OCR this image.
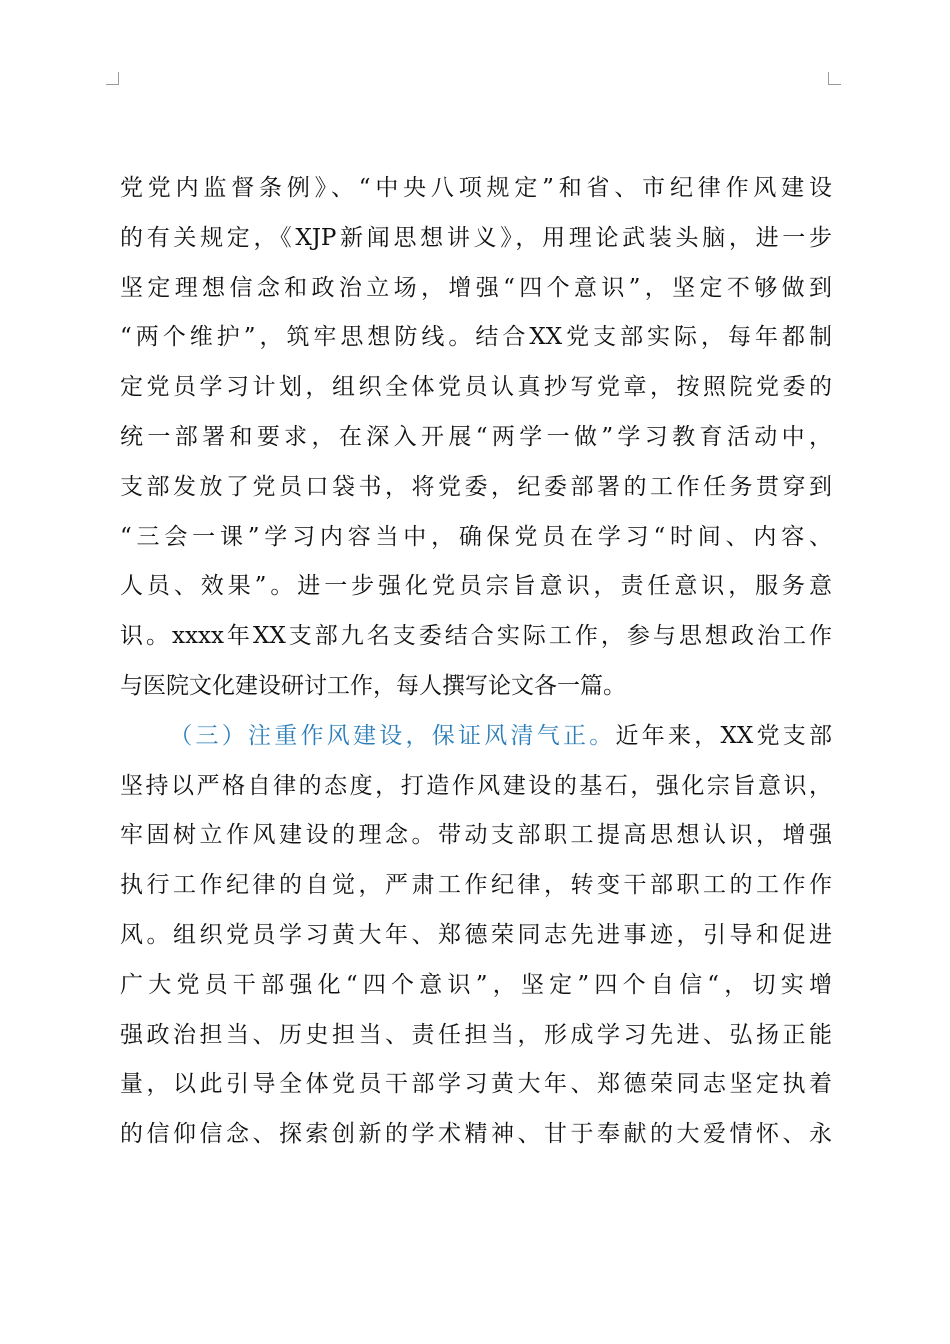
党党内监督条例》、“中央八项规定”和省、市纪律作风建设
的有关规定，《XJP新闻思想讲义》，用理论武装头脑，进一步
坚定理想信念和政治立场，增强“四个意识”，坚定不够做到
“两个维护”，筑牢思想防线。结合XX党支部实际，每年都制
定党员学习计划，组织全体党员认真抄写党章，按照院党委的
统一部署和要求，在深入开展“两学一做”学习教育活动中，
支部发放了党员口袋书，将党委，纪委部署的工作任务贯穿到
“三会一课”学习内容当中，确保党员在学习“时间、内容、
人员、效果”。进一步强化党员宗旨意识，责任意识，服务意
识。xxxx年XX支部九名支委结合实际工作，参与思想政治工作
与医院文化建设研讨工作，每人撰写论文各一篇。
（三）注重作风建设，保证风清气正。近年来，XX党支部
坚持以严格自律的态度，打造作风建设的基石，强化宗旨意识，
牢固树立作风建设的理念。带动支部职工提高思想认识，增强
执行工作纪律的自觉，严肃工作纪律，转变干部职工的工作作
风。组织党员学习黄大年、郑德荣同志先进事迹，引导和促进
广大党员干部强化“四个意识”，坚定”四个自信“，切实增
强政治担当、历史担当、责任担当，形成学习先进、弘扬正能
量，以此引导全体党员干部学习黄大年、郑德荣同志坚定执着
的信仰信念、探索创新的学术精神、甘于奉献的大爱情怀、永
